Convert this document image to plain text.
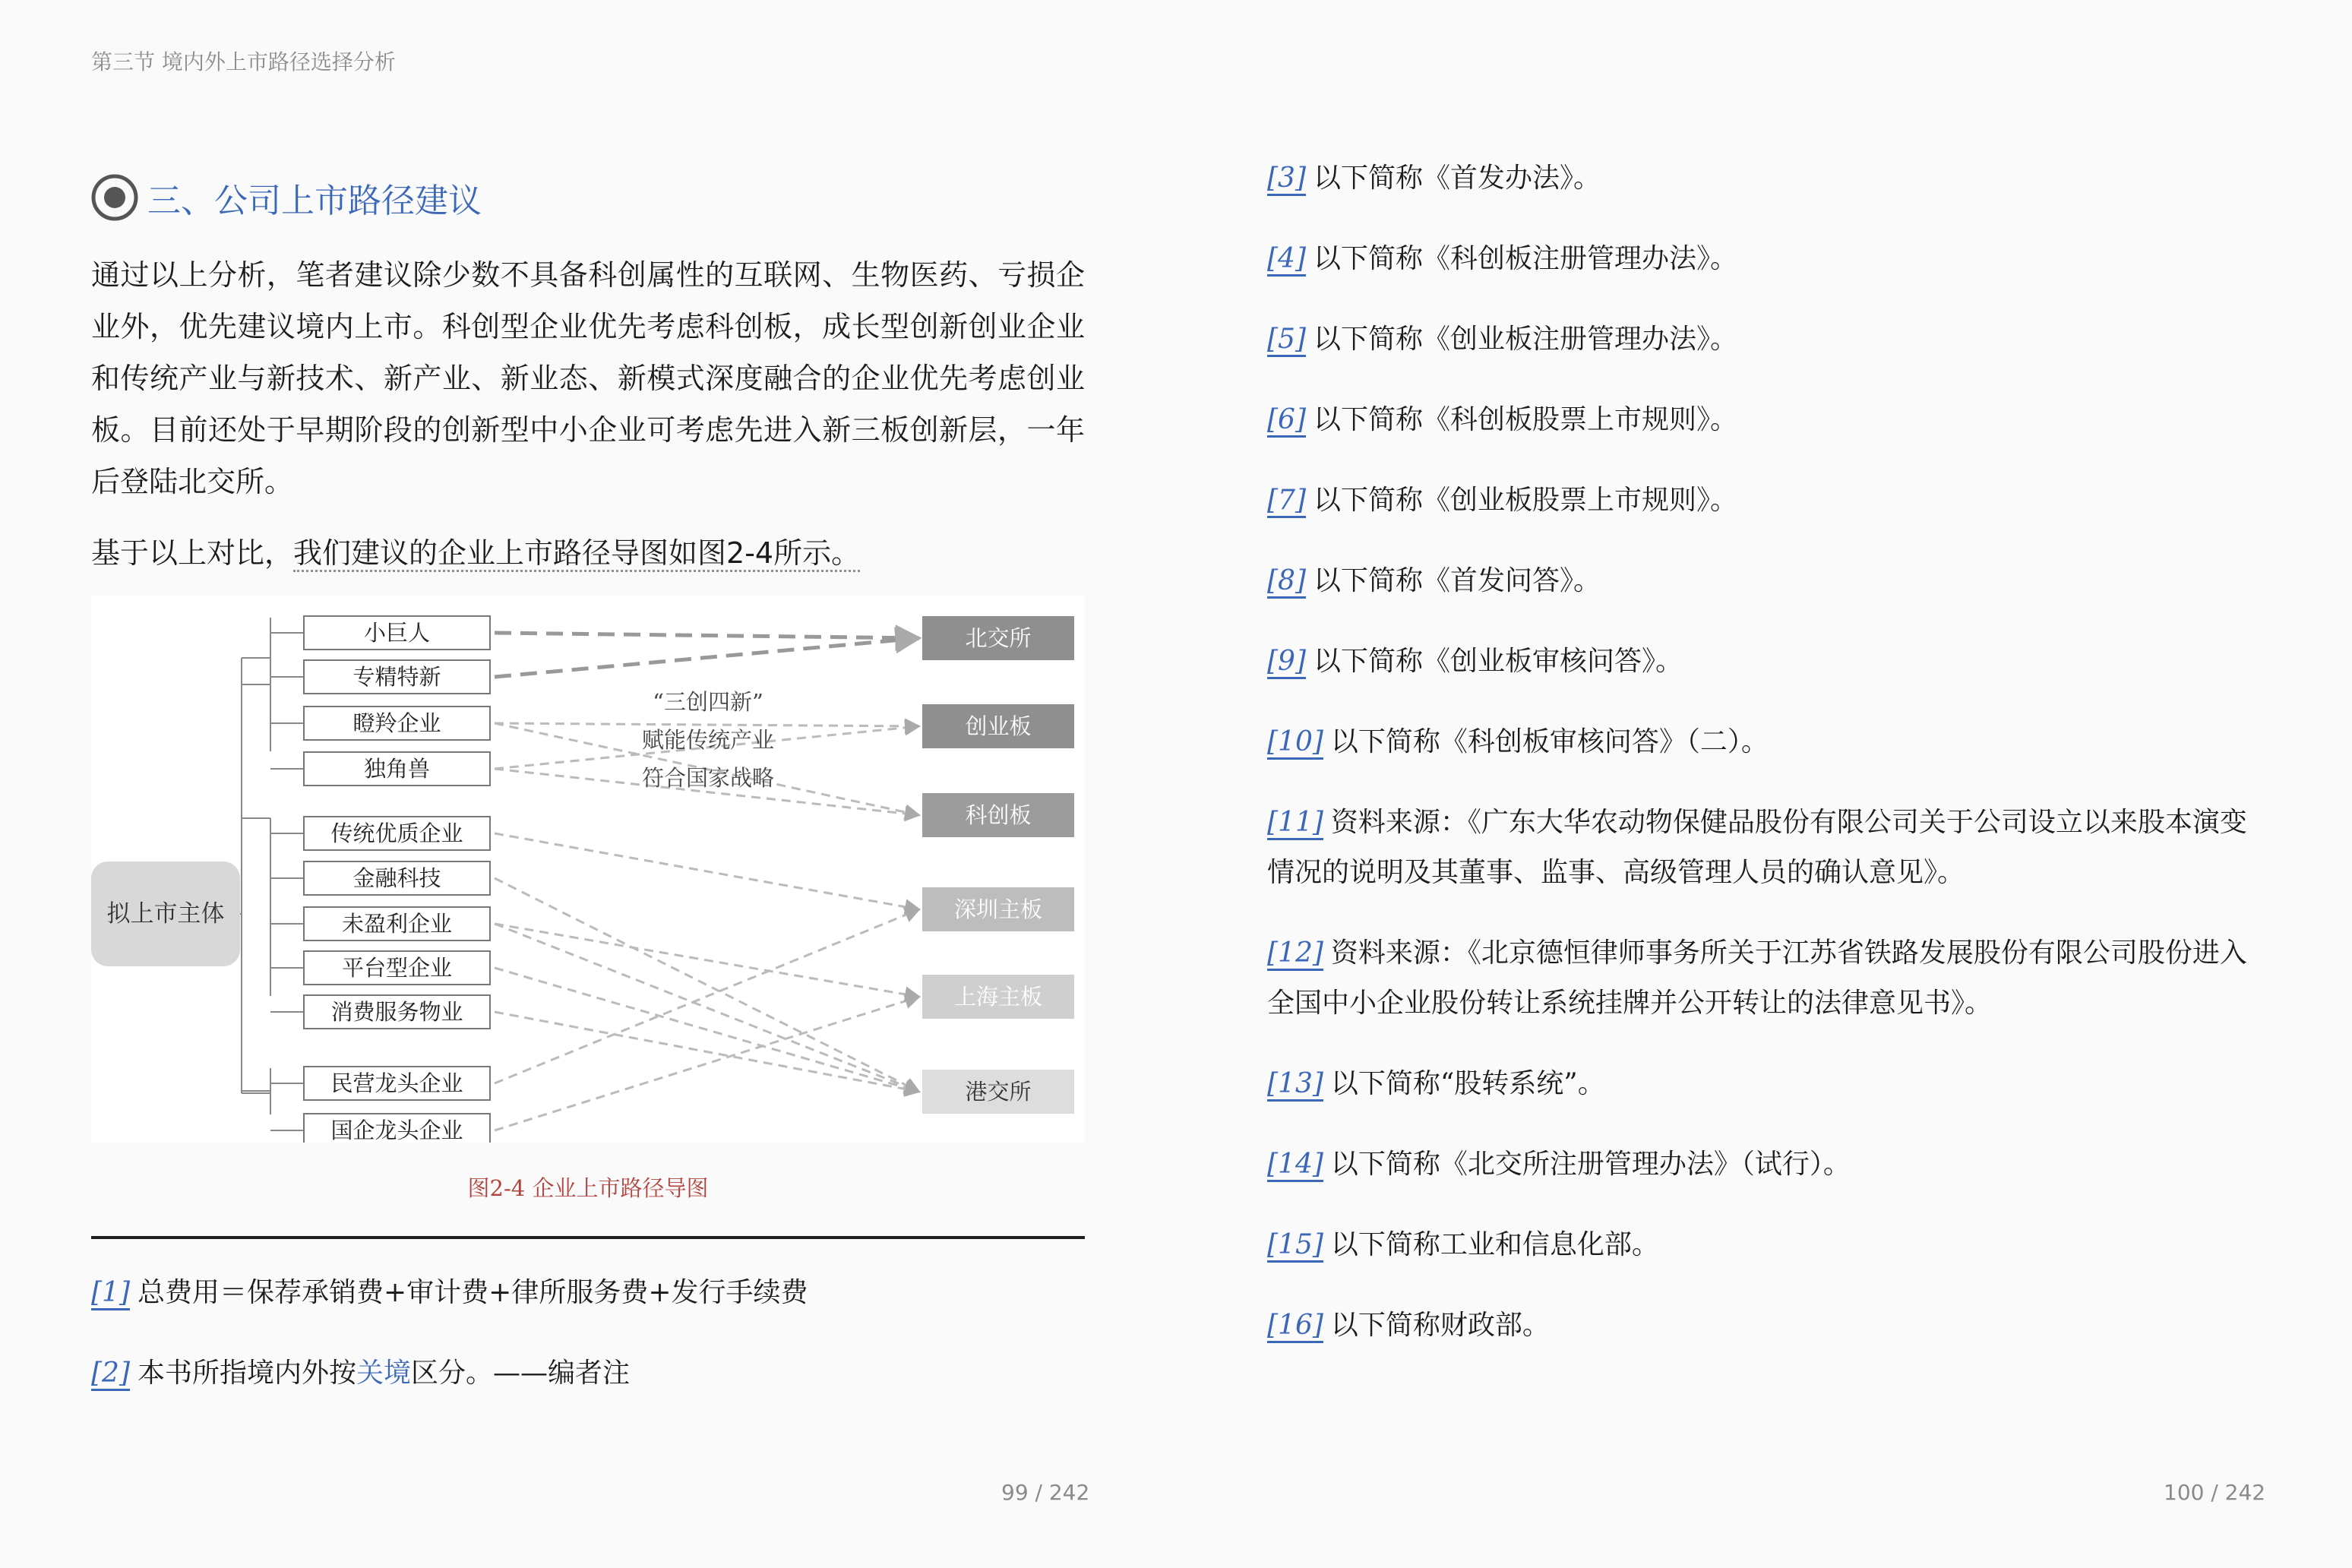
第三节 境内外上市路径选择分析
三、公司上市路径建议
通过以上分析，笔者建议除少数不具备科创属性的互联网、生物医药、亏损企业外，优先建议境内上市。科创型企业优先考虑科创板，成长型创新创业企业和传统产业与新技术、新产业、新业态、新模式深度融合的企业优先考虑创业板。目前还处于早期阶段的创新型中小企业可考虑先进入新三板创新层，一年后登陆北交所。
基于以上对比，我们建议的企业上市路径导图如图2-4所示。
拟上市主体
小巨人
专精特新
瞪羚企业
独角兽
传统优质企业
金融科技
未盈利企业
平台型企业
消费服务物业
民营龙头企业
国企龙头企业
北交所
创业板
科创板
深圳主板
上海主板
港交所
“三创四新”
赋能传统产业
符合国家战略
图2-4 企业上市路径导图
[1] 总费用＝保荐承销费+审计费+律所服务费+发行手续费
[2] 本书所指境内外按关境区分。——编者注
[3] 以下简称《首发办法》。
[4] 以下简称《科创板注册管理办法》。
[5] 以下简称《创业板注册管理办法》。
[6] 以下简称《科创板股票上市规则》。
[7] 以下简称《创业板股票上市规则》。
[8] 以下简称《首发问答》。
[9] 以下简称《创业板审核问答》。
[10] 以下简称《科创板审核问答》（二）。
[11] 资料来源：《广东大华农动物保健品股份有限公司关于公司设立以来股本演变情况的说明及其董事、监事、高级管理人员的确认意见》。
[12] 资料来源：《北京德恒律师事务所关于江苏省铁路发展股份有限公司股份进入全国中小企业股份转让系统挂牌并公开转让的法律意见书》。
[13] 以下简称“股转系统”。
[14] 以下简称《北交所注册管理办法》（试行）。
[15] 以下简称工业和信息化部。
[16] 以下简称财政部。
99 / 242	100 / 242
